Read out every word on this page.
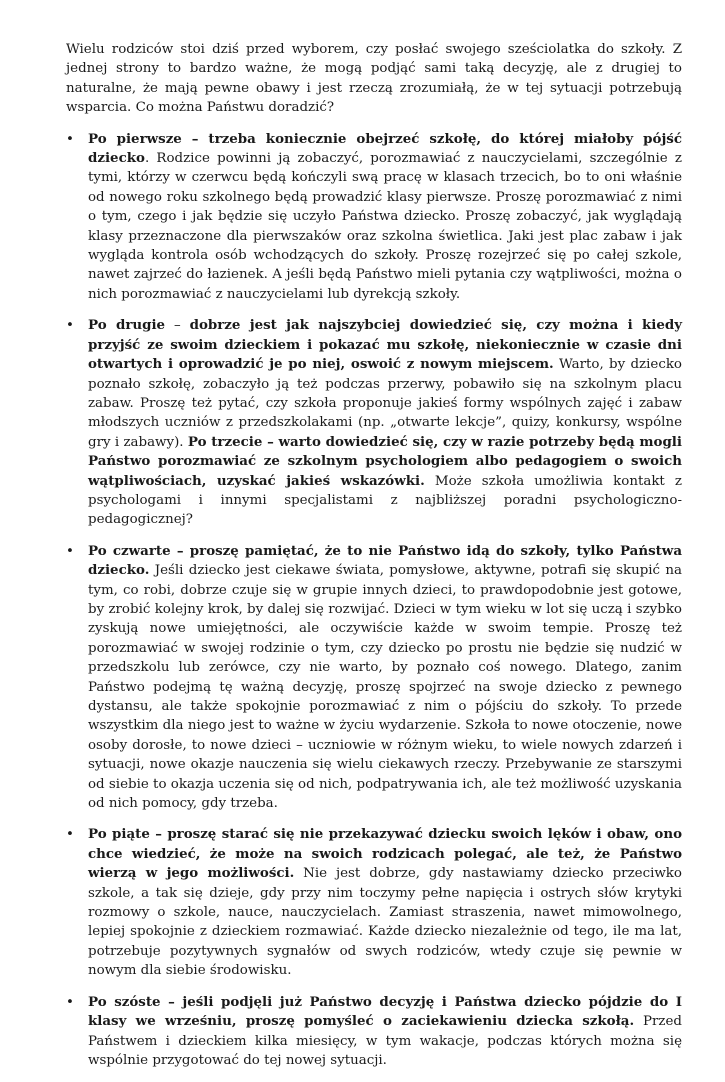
Wielu rodziców stoi dziś przed wyborem, czy posłać swojego sześciolatka do szkoły. Z jednej strony to bardzo ważne, że mogą podjąć sami taką decyzję, ale z drugiej to naturalne, że mają pewne obawy i jest rzeczą zrozumiałą, że w tej sytuacji potrzebują wsparcia. Co można Państwu doradzić?

• Po pierwsze – trzeba koniecznie obejrzeć szkołę, do której miałoby pójść dziecko. Rodzice powinni ją zobaczyć, porozmawiać z nauczycielami, szczególnie z tymi, którzy w czerwcu będą kończyli swą pracę w klasach trzecich, bo to oni właśnie od nowego roku szkolnego będą prowadzić klasy pierwsze. Proszę porozmawiać z nimi o tym, czego i jak będzie się uczyło Państwa dziecko. Proszę zobaczyć, jak wyglądają klasy przeznaczone dla pierwszaków oraz szkolna świetlica. Jaki jest plac zabaw i jak wygląda kontrola osób wchodzących do szkoły. Proszę rozejrzeć się po całej szkole, nawet zajrzeć do łazienek. A jeśli będą Państwo mieli pytania czy wątpliwości, można o nich porozmawiać z nauczycielami lub dyrekcją szkoły.
• Po drugie – dobrze jest jak najszybciej dowiedzieć się, czy można i kiedy przyjść ze swoim dzieckiem i pokazać mu szkołę, niekoniecznie w czasie dni otwartych i oprowadzić je po niej, oswoić z nowym miejscem. Warto, by dziecko poznało szkołę, zobaczyło ją też podczas przerwy, pobawiło się na szkolnym placu zabaw. Proszę też pytać, czy szkoła proponuje jakieś formy wspólnych zajęć i zabaw młodszych uczniów z przedszkolakami (np. „otwarte lekcje”, quizy, konkursy, wspólne gry i zabawy). Po trzecie – warto dowiedzieć się, czy w razie potrzeby będą mogli Państwo porozmawiać ze szkolnym psychologiem albo pedagogiem o swoich wątpliwościach, uzyskać jakieś wskazówki. Może szkoła umożliwia kontakt z psychologami i innymi specjalistami z najbliższej poradni psychologiczno-pedagogicznej?
• Po czwarte – proszę pamiętać, że to nie Państwo idą do szkoły, tylko Państwa dziecko. Jeśli dziecko jest ciekawe świata, pomysłowe, aktywne, potrafi się skupić na tym, co robi, dobrze czuje się w grupie innych dzieci, to prawdopodobnie jest gotowe, by zrobić kolejny krok, by dalej się rozwijać. Dzieci w tym wieku w lot się uczą i szybko zyskują nowe umiejętności, ale oczywiście każde w swoim tempie. Proszę też porozmawiać w swojej rodzinie o tym, czy dziecko po prostu nie będzie się nudzić w przedszkolu lub zerówce, czy nie warto, by poznało coś nowego. Dlatego, zanim Państwo podejmą tę ważną decyzję, proszę spojrzeć na swoje dziecko z pewnego dystansu, ale także spokojnie porozmawiać z nim o pójściu do szkoły. To przede wszystkim dla niego jest to ważne w życiu wydarzenie. Szkoła to nowe otoczenie, nowe osoby dorosłe, to nowe dzieci – uczniowie w różnym wieku, to wiele nowych zdarzeń i sytuacji, nowe okazje nauczenia się wielu ciekawych rzeczy. Przebywanie ze starszymi od siebie to okazja uczenia się od nich, podpatrywania ich, ale też możliwość uzyskania od nich pomocy, gdy trzeba.
• Po piąte – proszę starać się nie przekazywać dziecku swoich lęków i obaw, ono chce wiedzieć, że może na swoich rodzicach polegać, ale też, że Państwo wierzą w jego możliwości. Nie jest dobrze, gdy nastawiamy dziecko przeciwko szkole, a tak się dzieje, gdy przy nim toczymy pełne napięcia i ostrych słów krytyki rozmowy o szkole, nauce, nauczycielach. Zamiast straszenia, nawet mimowolnego, lepiej spokojnie z dzieckiem rozmawiać. Każde dziecko niezależnie od tego, ile ma lat, potrzebuje pozytywnych sygnałów od swych rodziców, wtedy czuje się pewnie w nowym dla siebie środowisku.
• Po szóste – jeśli podjęli już Państwo decyzję i Państwa dziecko pójdzie do I klasy we wrześniu, proszę pomyśleć o zaciekawieniu dziecka szkołą. Przed Państwem i dzieckiem kilka miesięcy, w tym wakacje, podczas których można się wspólnie przygotować do tej nowej sytuacji.
